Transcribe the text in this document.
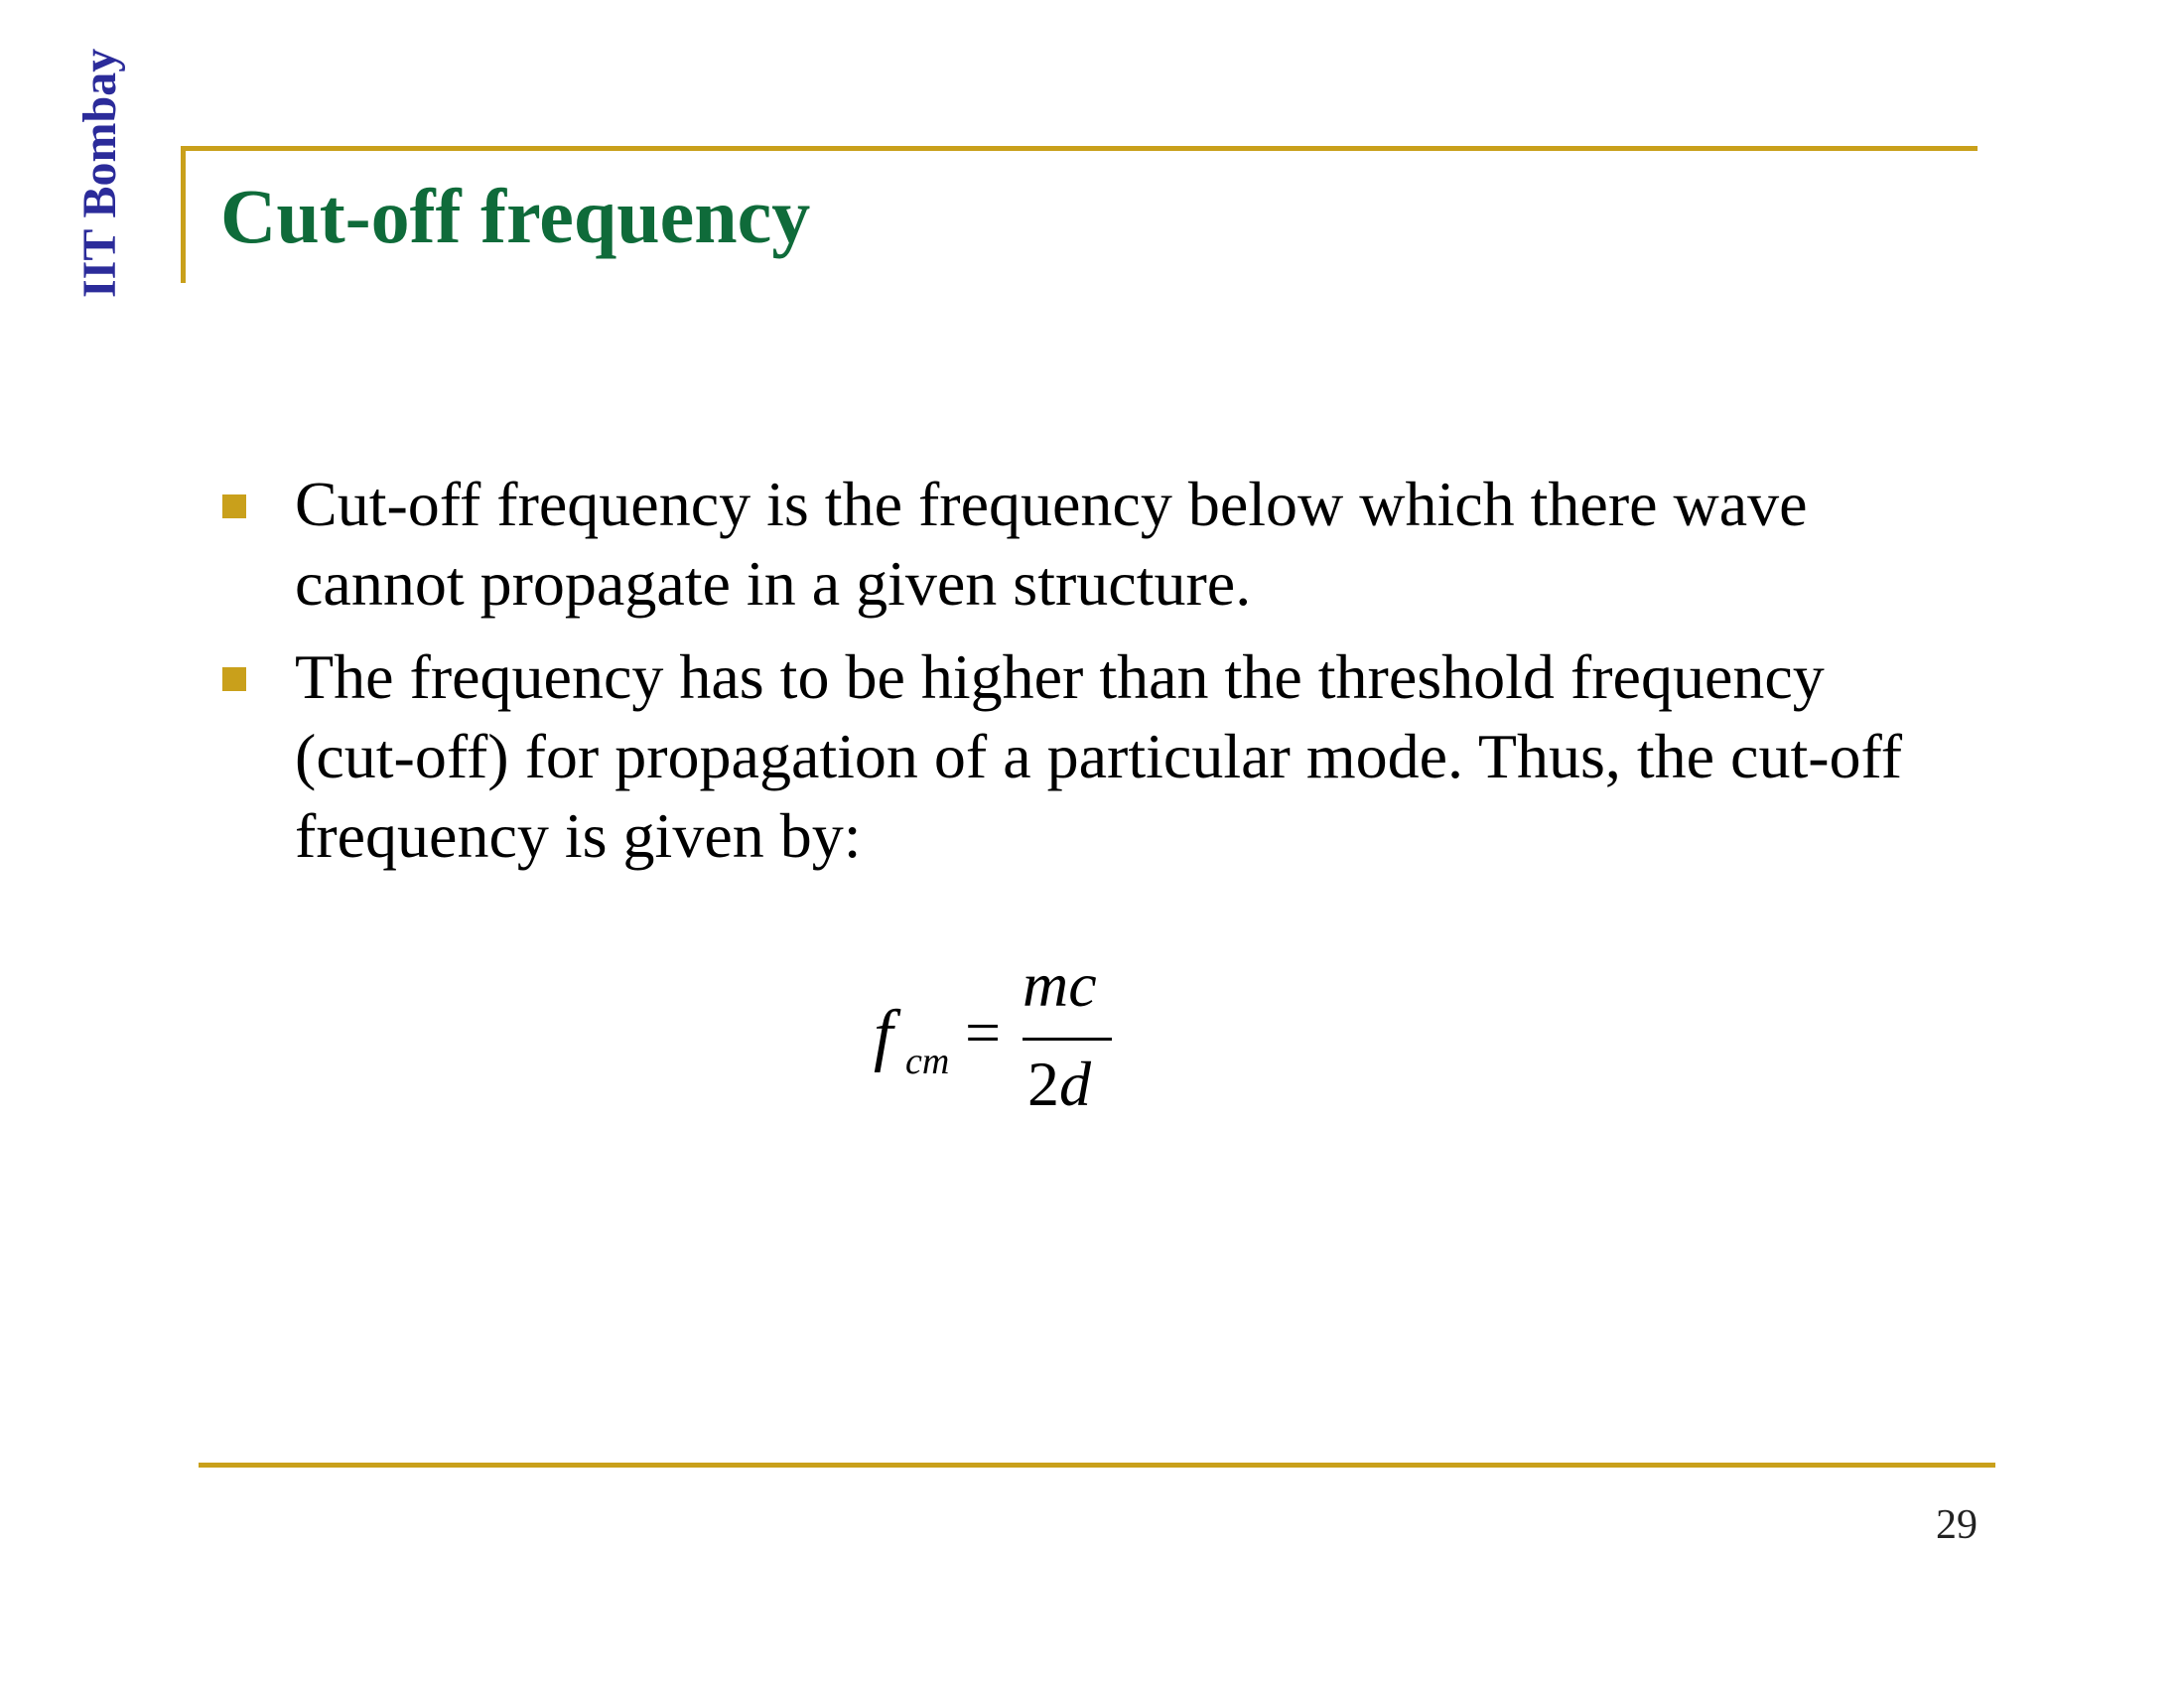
IIT Bombay Cut-off frequency
Cut-off frequency is the frequency below which there wave cannot propagate in a given structure.
The frequency has to be higher than the threshold frequency (cut-off) for propagation of a particular mode. Thus, the cut-off frequency is given by:
f cm =
mc
2d
29
